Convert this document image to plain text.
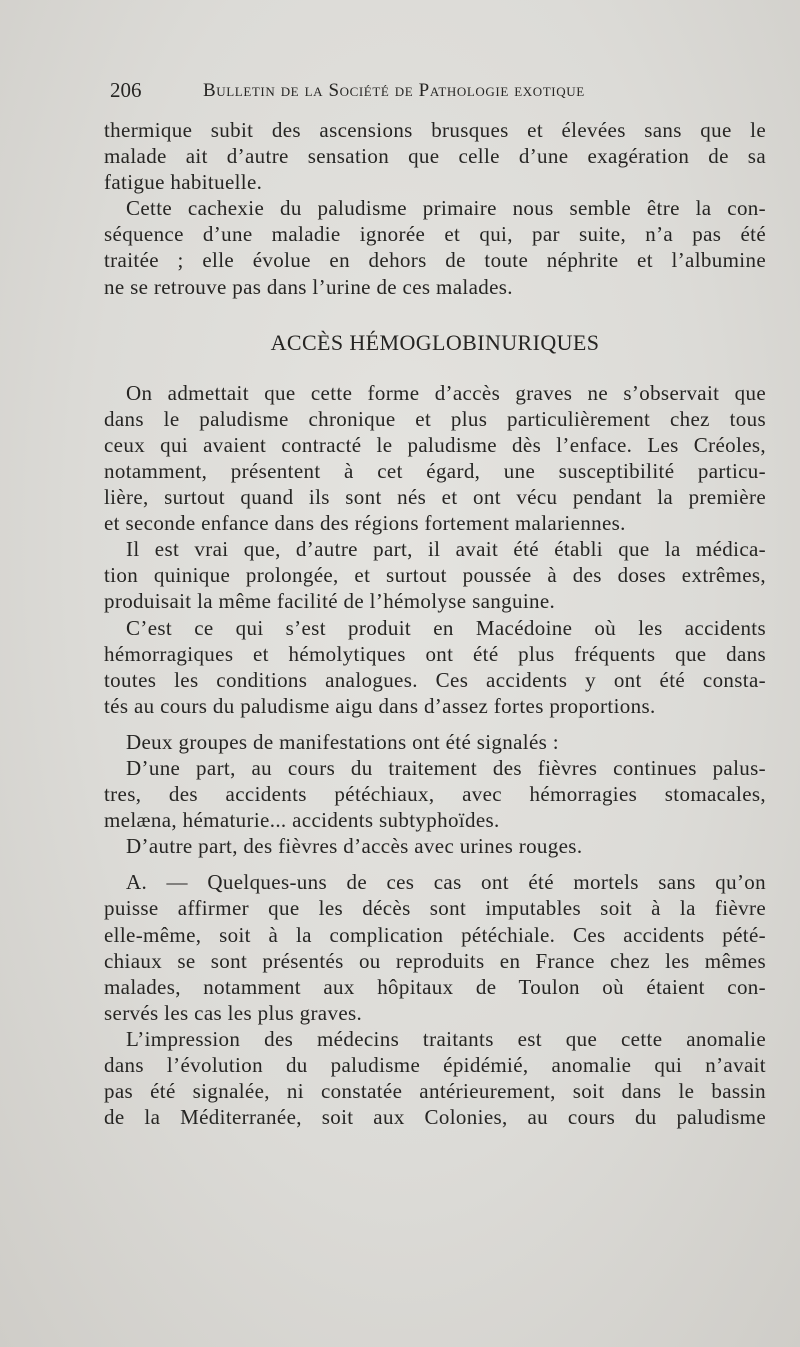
206	Bulletin de la Société de Pathologie exotique
thermique subit des ascensions brusques et élevées sans que le
malade ait d’autre sensation que celle d’une exagération de sa
fatigue habituelle.
Cette cachexie du paludisme primaire nous semble être la con-
séquence d’une maladie ignorée et qui, par suite, n’a pas été
traitée ; elle évolue en dehors de toute néphrite et l’albumine
ne se retrouve pas dans l’urine de ces malades.
ACCÈS HÉMOGLOBINURIQUES
On admettait que cette forme d’accès graves ne s’observait que
dans le paludisme chronique et plus particulièrement chez tous
ceux qui avaient contracté le paludisme dès l’enface. Les Créoles,
notamment, présentent à cet égard, une susceptibilité particu-
lière, surtout quand ils sont nés et ont vécu pendant la première
et seconde enfance dans des régions fortement malariennes.
Il est vrai que, d’autre part, il avait été établi que la médica-
tion quinique prolongée, et surtout poussée à des doses extrêmes,
produisait la même facilité de l’hémolyse sanguine.
C’est ce qui s’est produit en Macédoine où les accidents
hémorragiques et hémolytiques ont été plus fréquents que dans
toutes les conditions analogues. Ces accidents y ont été consta-
tés au cours du paludisme aigu dans d’assez fortes proportions.
Deux groupes de manifestations ont été signalés :
D’une part, au cours du traitement des fièvres continues palus-
tres, des accidents pétéchiaux, avec hémorragies stomacales,
melæna, hématurie... accidents subtyphoïdes.
D’autre part, des fièvres d’accès avec urines rouges.
A. — Quelques-uns de ces cas ont été mortels sans qu’on
puisse affirmer que les décès sont imputables soit à la fièvre
elle-même, soit à la complication pétéchiale. Ces accidents pété-
chiaux se sont présentés ou reproduits en France chez les mêmes
malades, notamment aux hôpitaux de Toulon où étaient con-
servés les cas les plus graves.
L’impression des médecins traitants est que cette anomalie
dans l’évolution du paludisme épidémié, anomalie qui n’avait
pas été signalée, ni constatée antérieurement, soit dans le bassin
de la Méditerranée, soit aux Colonies, au cours du paludisme
